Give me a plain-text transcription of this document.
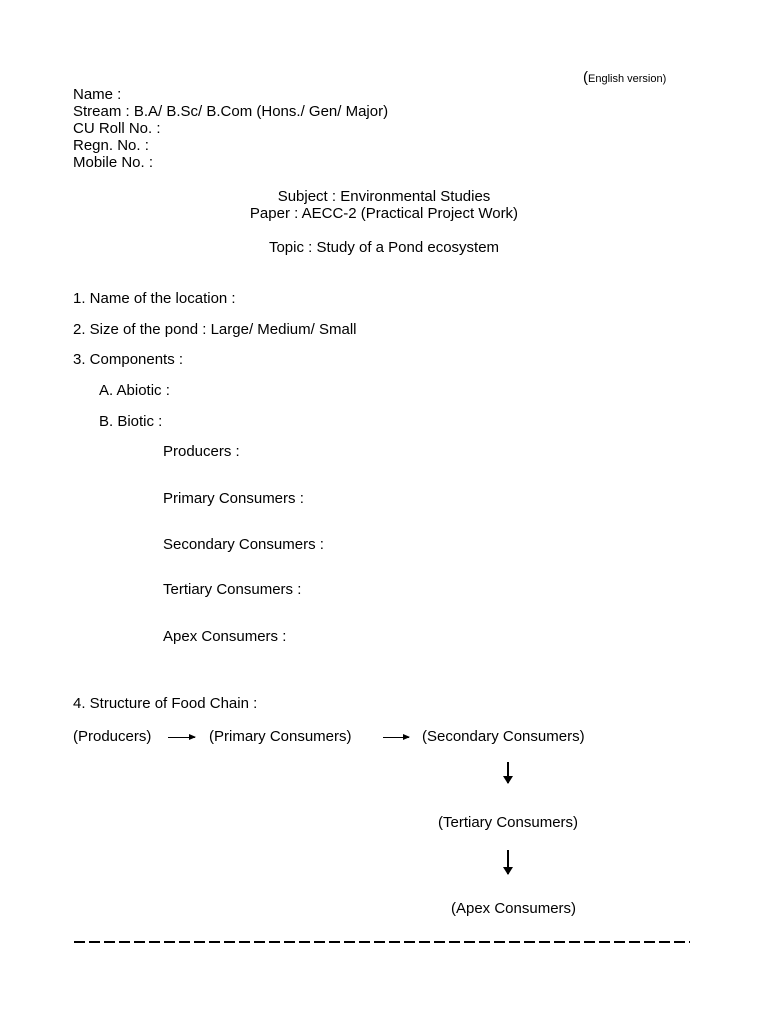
(English version)
Name :
Stream : B.A/ B.Sc/ B.Com (Hons./ Gen/ Major)
CU Roll No. :
Regn. No. :
Mobile No. :
Subject : Environmental Studies
Paper : AECC-2 (Practical Project Work)
Topic : Study of a Pond ecosystem
1. Name of the location :
2. Size of the pond : Large/ Medium/ Small
3. Components :
A. Abiotic :
B. Biotic :
Producers :
Primary Consumers :
Secondary Consumers :
Tertiary Consumers :
Apex Consumers :
4. Structure of Food Chain :
(Producers)	(Primary Consumers)	(Secondary Consumers)
(Tertiary Consumers)
(Apex Consumers)
